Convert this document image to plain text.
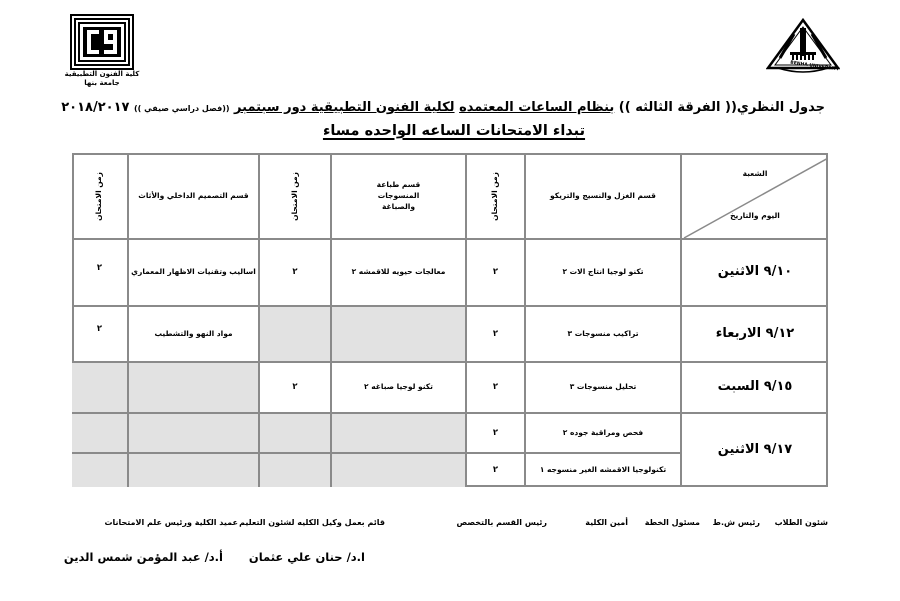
كلية الفنون التطبيقية
جامعة بنها
BENHA UNIVERSITY
جدول النظري(( الفرقة الثالثه )) بنظام الساعات المعتمده لكلية الفنون التطبيقية دور سبتمبر ((فصل دراسي صيفي )) ٢٠١٨/٢٠١٧
تبداء الامتحانات الساعه الواحده مساء
الشعبة
اليوم والتاريخ
قسم الغزل والنسيج والتريكو
زمن الامتحان
قسم طباعة المنسوجات والصباغة
زمن الامتحان
قسم التصميم الداخلي والأثاث
زمن الامتحان
٩/١٠ الاثنين
تكنو لوجيا انتاج الات ٢
٢
معالجات حيويه للاقمشه ٢
٢
اساليب وتقنيات الاظهار المعماري
٢
٩/١٢ الاربعاء
تراكيب منسوجات ٣
٢
مواد النهو والتشطيب
٢
٩/١٥ السبت
تحليل منسوجات ٣
٢
تكنو لوجيا صباغه ٢
٢
٩/١٧ الاثنين
فحص ومراقبة جوده ٢
٢
تكنولوجيا الاقمشه الغير منسوجه ١
٢
شئون الطلاب
رئيس ش.ط
مسئول الخطة
أمين الكلية
رئيس القسم بالتخصص
قائم بعمل وكيل الكليه لشئون التعليم
عميد الكلية ورئيس علم الامتحانات
ا.د/ حنان علي عثمان
أ.د/ عبد المؤمن شمس الدين
